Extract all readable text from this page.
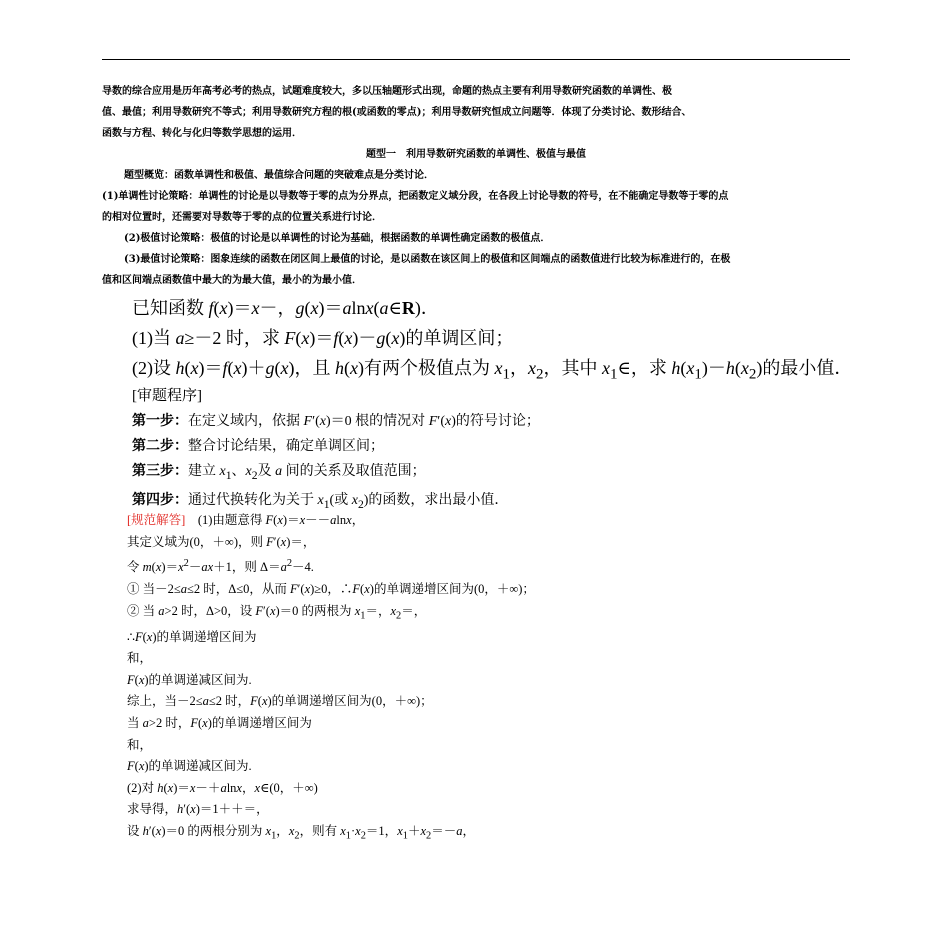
导数的综合应用是历年高考必考的热点，试题难度较大，多以压轴题形式出现，命题的热点主要有利用导数研究函数的单调性、极

值、最值；利用导数研究不等式；利用导数研究方程的根(或函数的零点)；利用导数研究恒成立问题等．体现了分类讨论、数形结合、

函数与方程、转化与化归等数学思想的运用．

题型一　利用导数研究函数的单调性、极值与最值

题型概览：函数单调性和极值、最值综合问题的突破难点是分类讨论．

(1)单调性讨论策略：单调性的讨论是以导数等于零的点为分界点，把函数定义域分段，在各段上讨论导数的符号，在不能确定导数等于零的点

的相对位置时，还需要对导数等于零的点的位置关系进行讨论．

(2)极值讨论策略：极值的讨论是以单调性的讨论为基础，根据函数的单调性确定函数的极值点．

(3)最值讨论策略：图象连续的函数在闭区间上最值的讨论，是以函数在该区间上的极值和区间端点的函数值进行比较为标准进行的，在极

值和区间端点函数值中最大的为最大值，最小的为最小值．

已知函数 f(x)＝x－，g(x)＝alnx(a∈R)．

(1)当 a≥－2 时，求 F(x)＝f(x)－g(x)的单调区间；

(2)设 h(x)＝f(x)＋g(x)，且 h(x)有两个极值点为 $x_1$，$x_2$，其中 $x_1\in$，求 $h(x_1)-h(x_2)$的最小值．

[审题程序]

第一步：在定义域内，依据 F′(x)＝0 根的情况对 F′(x)的符号讨论；

第二步：整合讨论结果，确定单调区间；

第三步：建立 $x_1$、$x_2$及 a 间的关系及取值范围；

第四步：通过代换转化为关于 $x_1$(或 $x_2$)的函数，求出最小值．

[规范解答]　(1)由题意得 F(x)＝x－－alnx，

其定义域为(0，＋∞)，则 F′(x)＝，

令 $m(x)=x^2-ax+1$，则 $\Delta=a^2-4$.

① 当－2≤a≤2 时，Δ≤0，从而 F′(x)≥0，∴F(x)的单调递增区间为(0，＋∞)；

② 当 a>2 时，Δ>0，设 F′(x)＝0 的两根为 $x_1=$，$x_2=$，

∴F(x)的单调递增区间为

和，

F(x)的单调递减区间为.

综上，当－2≤a≤2 时，F(x)的单调递增区间为(0，＋∞)；

当 a>2 时，F(x)的单调递增区间为

和，

F(x)的单调递减区间为.

(2)对 h(x)＝x－＋alnx，x∈(0，＋∞)

求导得，h′(x)＝1＋＋＝，

设 h′(x)＝0 的两根分别为 $x_1$，$x_2$，则有 $x_1\cdot x_2=1$，$x_1+x_2=-a$，
